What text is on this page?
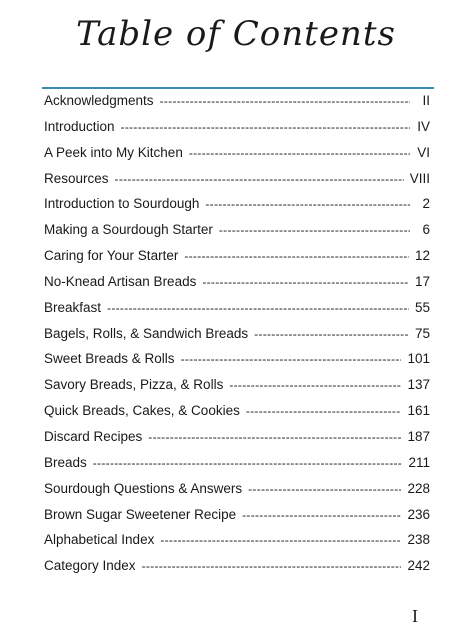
Table of Contents
Acknowledgments -----	II
Introduction -----	IV
A Peek into My Kitchen -----	VI
Resources -----	VIII
Introduction to Sourdough -----	2
Making a Sourdough Starter -----	6
Caring for Your Starter -----	12
No-Knead Artisan Breads -----	17
Breakfast -----	55
Bagels, Rolls, & Sandwich Breads -----	75
Sweet Breads & Rolls -----	101
Savory Breads, Pizza, & Rolls -----	137
Quick Breads, Cakes, & Cookies -----	161
Discard Recipes -----	187
Breads -----	211
Sourdough Questions & Answers -----	228
Brown Sugar Sweetener Recipe -----	236
Alphabetical Index -----	238
Category Index -----	242
I
